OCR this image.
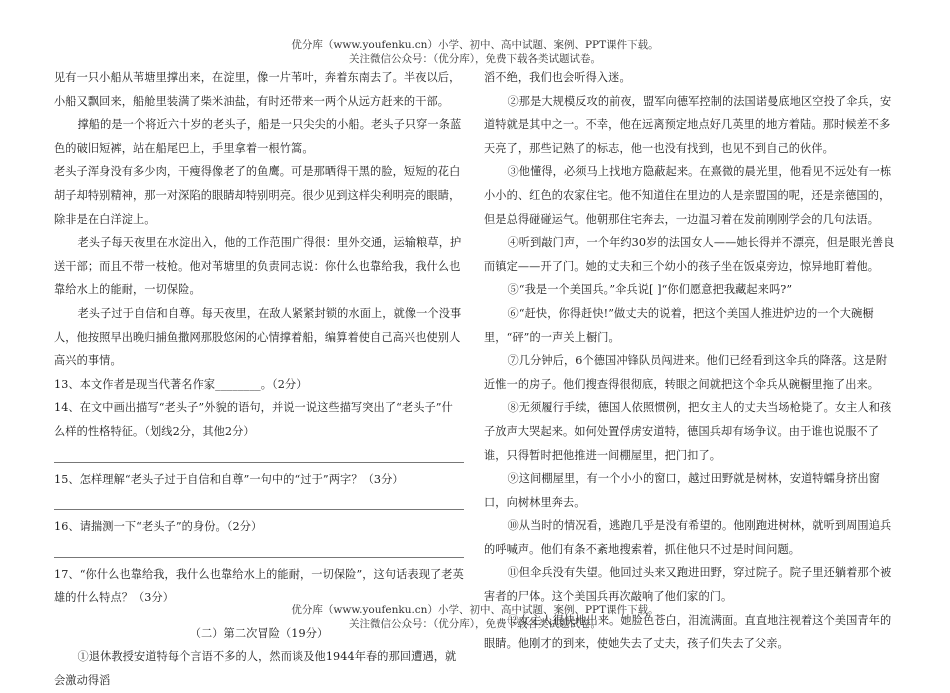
优分库（www.youfenku.cn）小学、初中、高中试题、案例、PPT课件下载。
关注微信公众号：（优分库），免费下载各类试题试卷。

见有一只小船从苇塘里撑出来，在淀里，像一片苇叶，奔着东南去了。半夜以后，小船又飘回来，船舱里装满了柴米油盐，有时还带来一两个从远方赶来的干部。

撑船的是一个将近六十岁的老头子，船是一只尖尖的小船。老头子只穿一条蓝色的破旧短裤，站在船尾巴上，手里拿着一根竹篙。

老头子浑身没有多少肉，干瘦得像老了的鱼鹰。可是那晒得干黑的脸，短短的花白胡子却特别精神，那一对深陷的眼睛却特别明亮。很少见到这样尖利明亮的眼睛，除非是在白洋淀上。

老头子每天夜里在水淀出入，他的工作范围广得很：里外交通，运输粮草，护送干部；而且不带一枝枪。他对苇塘里的负责同志说：你什么也靠给我，我什么也靠给水上的能耐，一切保险。

老头子过于自信和自尊。每天夜里，在敌人紧紧封锁的水面上，就像一个没事人，他按照早出晚归捕鱼撒网那股悠闲的心情撑着船，编算着使自己高兴也使别人高兴的事情。

13、本文作者是现当代著名作家________。（2分）

14、在文中画出描写“老头子”外貌的语句，并说一说这些描写突出了“老头子”什么样的性格特征。（划线2分，其他2分）

15、怎样理解“老头子过于自信和自尊”一句中的“过于”两字？（3分）

16、请揣测一下“老头子”的身份。（2分）

17、“你什么也靠给我，我什么也靠给水上的能耐，一切保险”，这句话表现了老英雄的什么特点？（3分）

（二）第二次冒险（19分）

①退休教授安道特每个言语不多的人，然而谈及他1944年春的那回遭遇，就会激动得滔

滔不绝，我们也会听得入迷。

②那是大规模反攻的前夜，盟军向德军控制的法国诺曼底地区空投了伞兵，安道特就是其中之一。不幸，他在远离预定地点好几英里的地方着陆。那时候差不多天亮了，那些记熟了的标志，他一也没有找到，也见不到自己的伙伴。

③他懂得，必须马上找地方隐蔽起来。在熹微的晨光里，他看见不远处有一栋小小的、红色的农家住宅。他不知道住在里边的人是亲盟国的呢，还是亲德国的，但是总得碰碰运气。他朝那住宅奔去，一边温习着在发前刚刚学会的几句法语。

④听到敲门声，一个年约30岁的法国女人——她长得并不漂亮，但是眼光善良而镇定——开了门。她的丈夫和三个幼小的孩子坐在饭桌旁边，惊异地盯着他。

⑤“我是一个美国兵。”伞兵说[ ]“你们愿意把我藏起来吗?”

⑥“赶快，你得赶快!”做丈夫的说着，把这个美国人推进炉边的一个大碗橱里，“砰”的一声关上橱门。

⑦几分钟后，6个德国冲锋队员闯进来。他们已经看到这伞兵的降落。这是附近惟一的房子。他们搜查得很彻底，转眼之间就把这个伞兵从碗橱里拖了出来。

⑧无须履行手续，德国人依照惯例，把女主人的丈夫当场枪毙了。女主人和孩子放声大哭起来。如何处置俘虏安道特，德国兵却有场争议。由于谁也说服不了谁，只得暂时把他推进一间棚屋里，把门扣了。

⑨这间棚屋里，有一个小小的窗口，越过田野就是树林，安道特蠕身挤出窗口，向树林里奔去。

⑩从当时的情况看，逃跑几乎是没有希望的。他刚跑进树林，就听到周围追兵的呼喊声。他们有条不紊地搜索着，抓住他只不过是时间问题。

⑪但伞兵没有失望。他回过头来又跑进田野，穿过院子。院子里还躺着那个被害者的尸体。这个美国兵再次敲响了他们家的门。

⑫女主人很快地出来。她脸色苍白，泪流满面。直直地注视着这个美国青年的眼睛。他刚才的到来，使她失去了丈夫，孩子们失去了父亲。

优分库（www.youfenku.cn）小学、初中、高中试题、案例、PPT课件下载。
关注微信公众号：（优分库），免费下载各类试题试卷。
